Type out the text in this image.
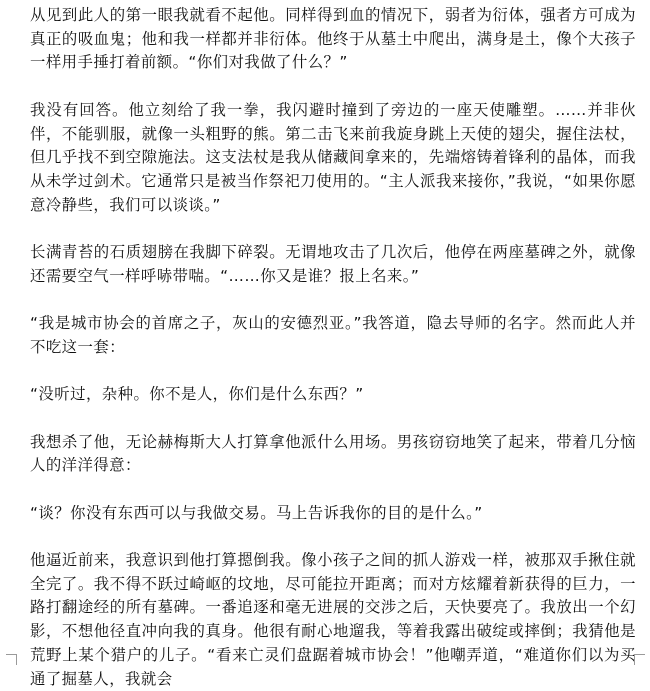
从见到此人的第一眼我就看不起他。同样得到血的情况下，弱者为衍体，强者方可成为真正的吸血鬼；他和我一样都并非衍体。他终于从墓土中爬出，满身是土，像个大孩子一样用手捶打着前额。“你们对我做了什么？”

我没有回答。他立刻给了我一拳，我闪避时撞到了旁边的一座天使雕塑。……并非伙伴，不能驯服，就像一头粗野的熊。第二击飞来前我旋身跳上天使的翅尖，握住法杖，但几乎找不到空隙施法。这支法杖是我从储藏间拿来的，先端熔铸着锋利的晶体，而我从未学过剑术。它通常只是被当作祭祀刀使用的。“主人派我来接你，”我说，“如果你愿意冷静些，我们可以谈谈。”

长满青苔的石质翅膀在我脚下碎裂。无谓地攻击了几次后，他停在两座墓碑之外，就像还需要空气一样呼哧带喘。“……你又是谁？报上名来。”

“我是城市协会的首席之子，灰山的安德烈亚。”我答道，隐去导师的名字。然而此人并不吃这一套：

“没听过，杂种。你不是人，你们是什么东西？”

我想杀了他，无论赫梅斯大人打算拿他派什么用场。男孩窃窃地笑了起来，带着几分恼人的洋洋得意：

“谈？你没有东西可以与我做交易。马上告诉我你的目的是什么。”

他逼近前来，我意识到他打算摁倒我。像小孩子之间的抓人游戏一样，被那双手揪住就全完了。我不得不跃过崎岖的坟地，尽可能拉开距离；而对方炫耀着新获得的巨力，一路打翻途经的所有墓碑。一番追逐和毫无进展的交涉之后，天快要亮了。我放出一个幻影，不想他径直冲向我的真身。他很有耐心地遛我，等着我露出破绽或摔倒；我猜他是荒野上某个猎户的儿子。“看来亡灵们盘踞着城市协会！”他嘲弄道，“难道你们以为买通了掘墓人，我就会
